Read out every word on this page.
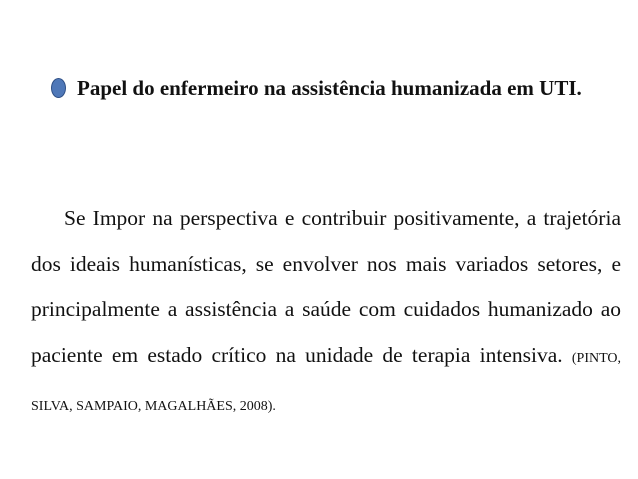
Papel do enfermeiro na assistência humanizada em UTI.
Se Impor na perspectiva e contribuir positivamente, a trajetória dos ideais humanísticas, se envolver nos mais variados setores, e principalmente a assistência a saúde com cuidados humanizado ao paciente em estado crítico na unidade de terapia intensiva. (PINTO, SILVA, SAMPAIO, MAGALHÃES, 2008).
